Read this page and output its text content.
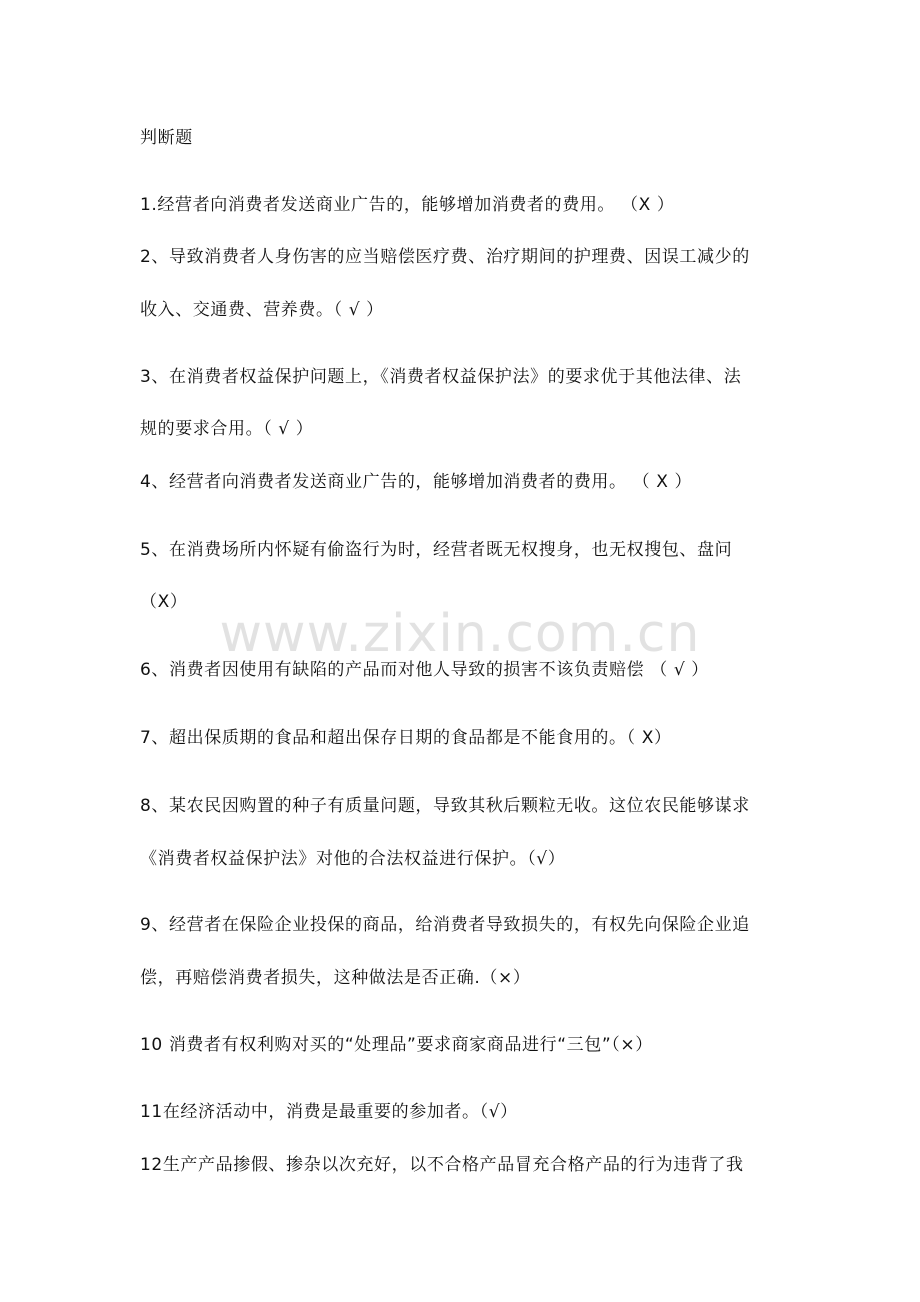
判断题
1.经营者向消费者发送商业广告的，能够增加消费者的费用。 （X ）
2、导致消费者人身伤害的应当赔偿医疗费、治疗期间的护理费、因误工减少的
收入、交通费、营养费。（ √ ）
3、在消费者权益保护问题上，《消费者权益保护法》的要求优于其他法律、法
规的要求合用。（ √ ）
4、经营者向消费者发送商业广告的，能够增加消费者的费用。 （ X ）
5、在消费场所内怀疑有偷盗行为时，经营者既无权搜身，也无权搜包、盘问
（X）
6、消费者因使用有缺陷的产品而对他人导致的损害不该负责赔偿 （ √ ）
7、超出保质期的食品和超出保存日期的食品都是不能食用的。（ X）
8、某农民因购置的种子有质量问题，导致其秋后颗粒无收。这位农民能够谋求
《消费者权益保护法》对他的合法权益进行保护。（√）
9、经营者在保险企业投保的商品，给消费者导致损失的，有权先向保险企业追
偿，再赔偿消费者损失，这种做法是否正确.（×）
10 消费者有权利购对买的“处理品”要求商家商品进行“三包”（×）
11在经济活动中，消费是最重要的参加者。（√）
12生产产品掺假、掺杂以次充好，以不合格产品冒充合格产品的行为违背了我
www.zixin.com.cn
